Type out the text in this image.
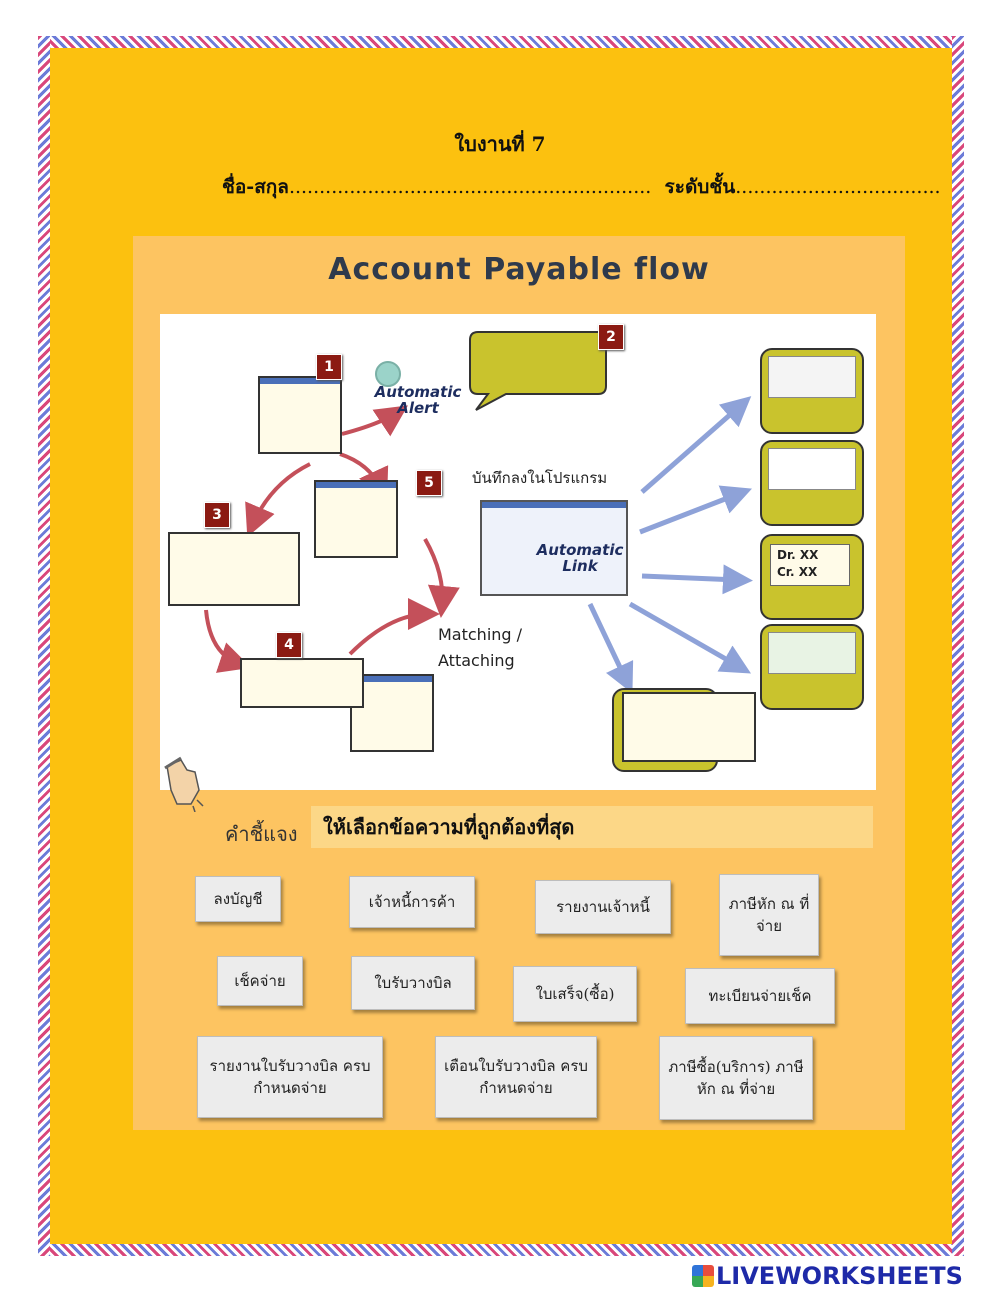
ใบงานที่ 7
ชื่อ-สกุล............................................................ ระดับชั้น..................................
Account Payable flow
1
2
5
3
4
Automatic Alert
บันทึกลงในโปรแกรม
Automatic Link
Matching / Attaching
Dr. XX
Cr. XX
คำชี้แจง	ให้เลือกข้อความที่ถูกต้องที่สุด
ลงบัญชี	เจ้าหนี้การค้า	รายงานเจ้าหนี้	ภาษีหัก ณ ที่จ่าย
เช็คจ่าย	ใบรับวางบิล
ใบเสร็จ(ซื้อ)	ทะเบียนจ่ายเช็ค
รายงานใบรับวางบิล ครบกำหนดจ่าย
เตือนใบรับวางบิล ครบกำหนดจ่าย
ภาษีซื้อ(บริการ) ภาษีหัก ณ ที่จ่าย
LIVEWORKSHEETS
